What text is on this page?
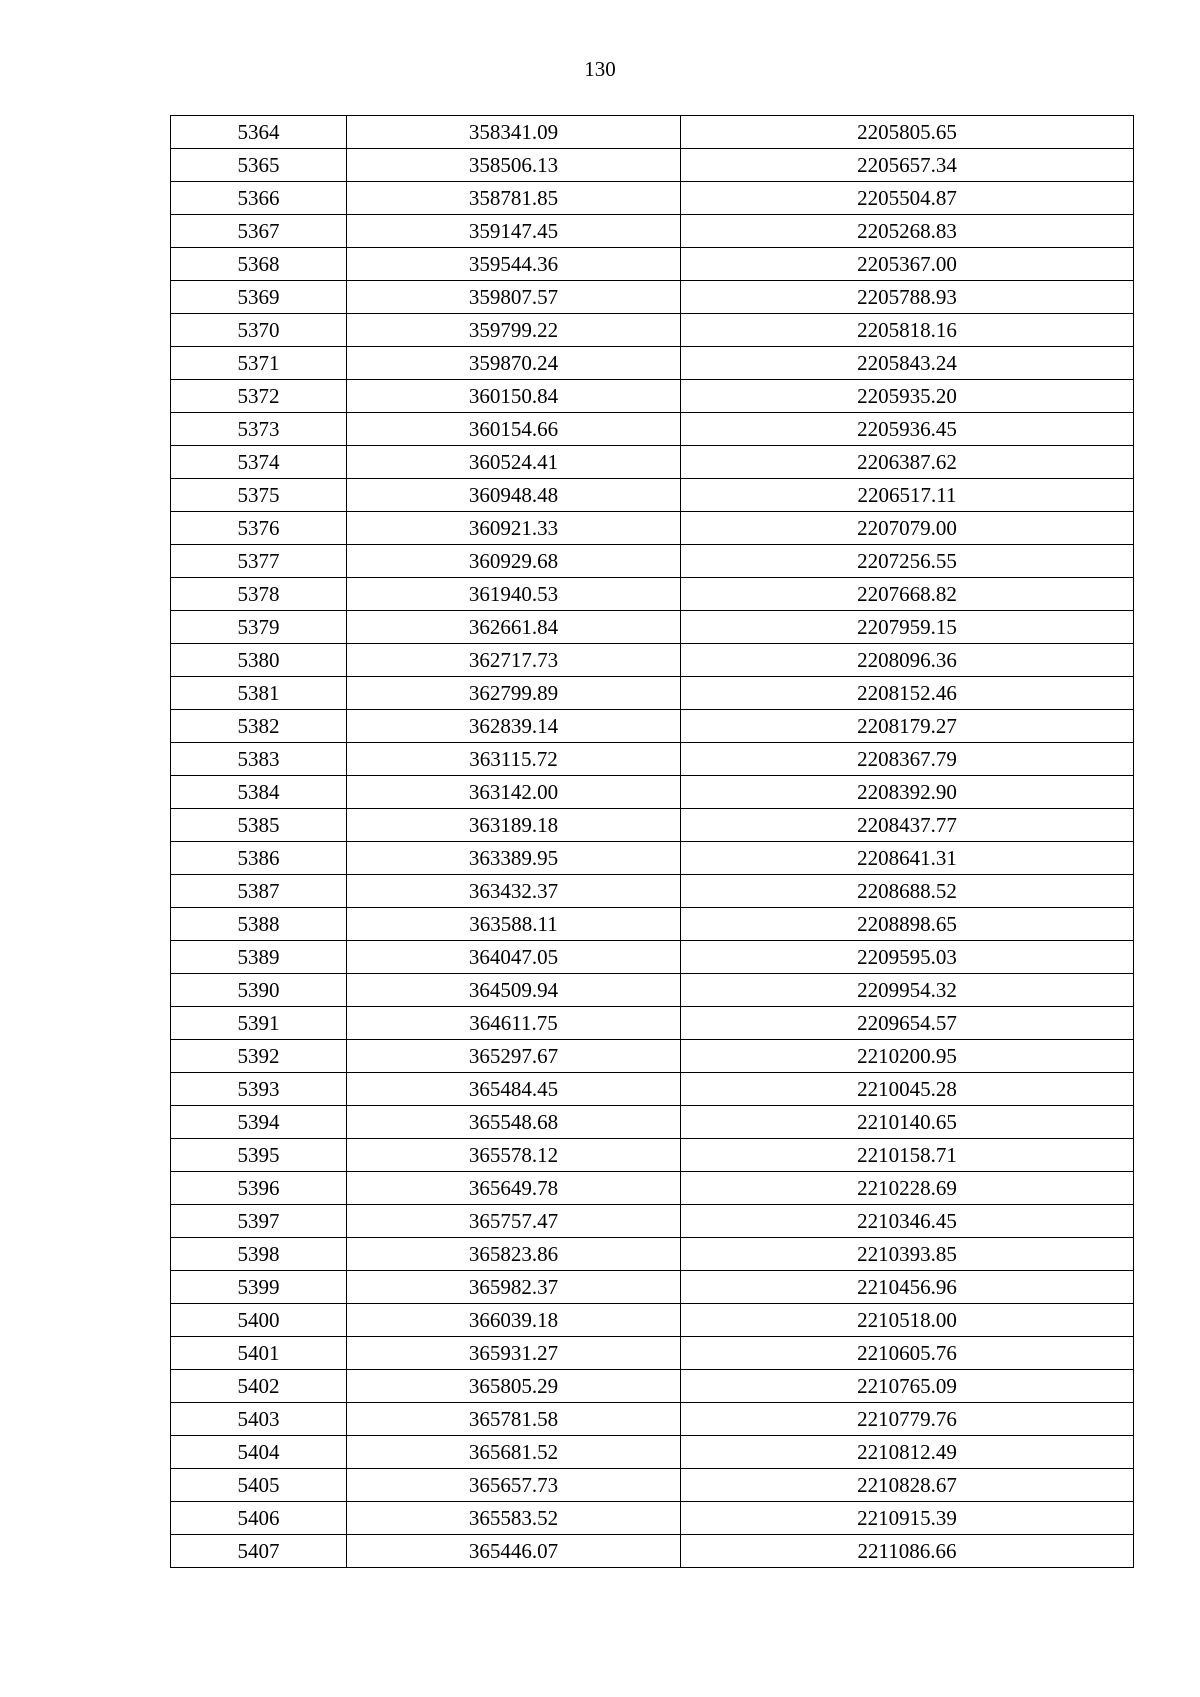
130
5364	358341.09	2205805.65
5365	358506.13	2205657.34
5366	358781.85	2205504.87
5367	359147.45	2205268.83
5368	359544.36	2205367.00
5369	359807.57	2205788.93
5370	359799.22	2205818.16
5371	359870.24	2205843.24
5372	360150.84	2205935.20
5373	360154.66	2205936.45
5374	360524.41	2206387.62
5375	360948.48	2206517.11
5376	360921.33	2207079.00
5377	360929.68	2207256.55
5378	361940.53	2207668.82
5379	362661.84	2207959.15
5380	362717.73	2208096.36
5381	362799.89	2208152.46
5382	362839.14	2208179.27
5383	363115.72	2208367.79
5384	363142.00	2208392.90
5385	363189.18	2208437.77
5386	363389.95	2208641.31
5387	363432.37	2208688.52
5388	363588.11	2208898.65
5389	364047.05	2209595.03
5390	364509.94	2209954.32
5391	364611.75	2209654.57
5392	365297.67	2210200.95
5393	365484.45	2210045.28
5394	365548.68	2210140.65
5395	365578.12	2210158.71
5396	365649.78	2210228.69
5397	365757.47	2210346.45
5398	365823.86	2210393.85
5399	365982.37	2210456.96
5400	366039.18	2210518.00
5401	365931.27	2210605.76
5402	365805.29	2210765.09
5403	365781.58	2210779.76
5404	365681.52	2210812.49
5405	365657.73	2210828.67
5406	365583.52	2210915.39
5407	365446.07	2211086.66
